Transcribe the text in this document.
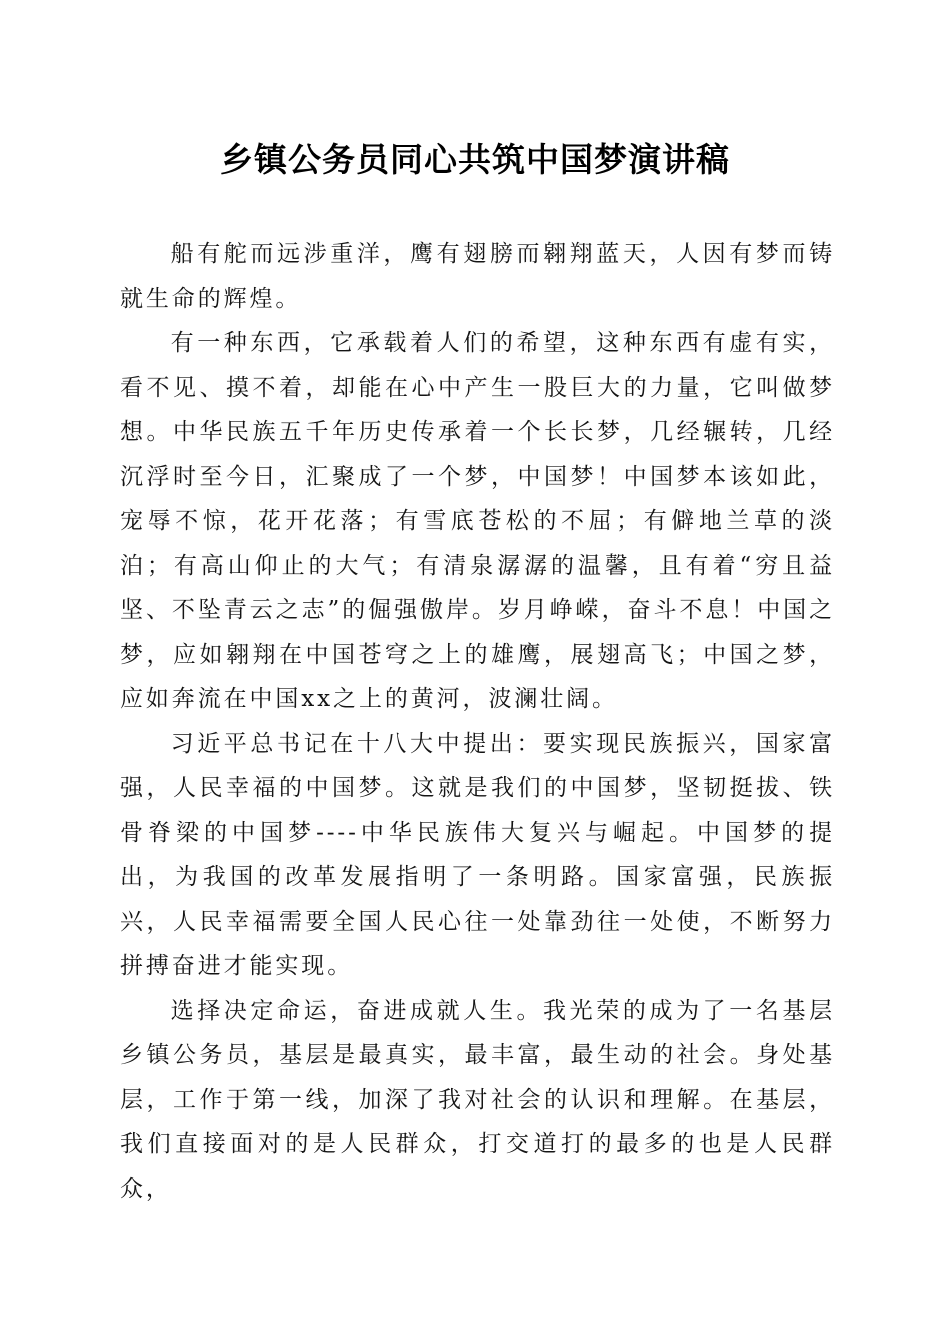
乡镇公务员同心共筑中国梦演讲稿

船有舵而远涉重洋，鹰有翅膀而翱翔蓝天，人因有梦而铸就生命的辉煌。

有一种东西，它承载着人们的希望，这种东西有虚有实，看不见、摸不着，却能在心中产生一股巨大的力量，它叫做梦想。中华民族五千年历史传承着一个长长梦，几经辗转，几经沉浮时至今日，汇聚成了一个梦，中国梦！中国梦本该如此，宠辱不惊，花开花落；有雪底苍松的不屈；有僻地兰草的淡泊；有高山仰止的大气；有清泉潺潺的温馨，且有着“穷且益坚、不坠青云之志”的倔强傲岸。岁月峥嵘，奋斗不息！中国之梦，应如翱翔在中国苍穹之上的雄鹰，展翅高飞；中国之梦，应如奔流在中国xx之上的黄河，波澜壮阔。

习近平总书记在十八大中提出：要实现民族振兴，国家富强，人民幸福的中国梦。这就是我们的中国梦，坚韧挺拔、铁骨脊梁的中国梦----中华民族伟大复兴与崛起。中国梦的提出，为我国的改革发展指明了一条明路。国家富强，民族振兴，人民幸福需要全国人民心往一处靠劲往一处使，不断努力拼搏奋进才能实现。

选择决定命运，奋进成就人生。我光荣的成为了一名基层乡镇公务员，基层是最真实，最丰富，最生动的社会。身处基层，工作于第一线，加深了我对社会的认识和理解。在基层，我们直接面对的是人民群众，打交道打的最多的也是人民群众，
